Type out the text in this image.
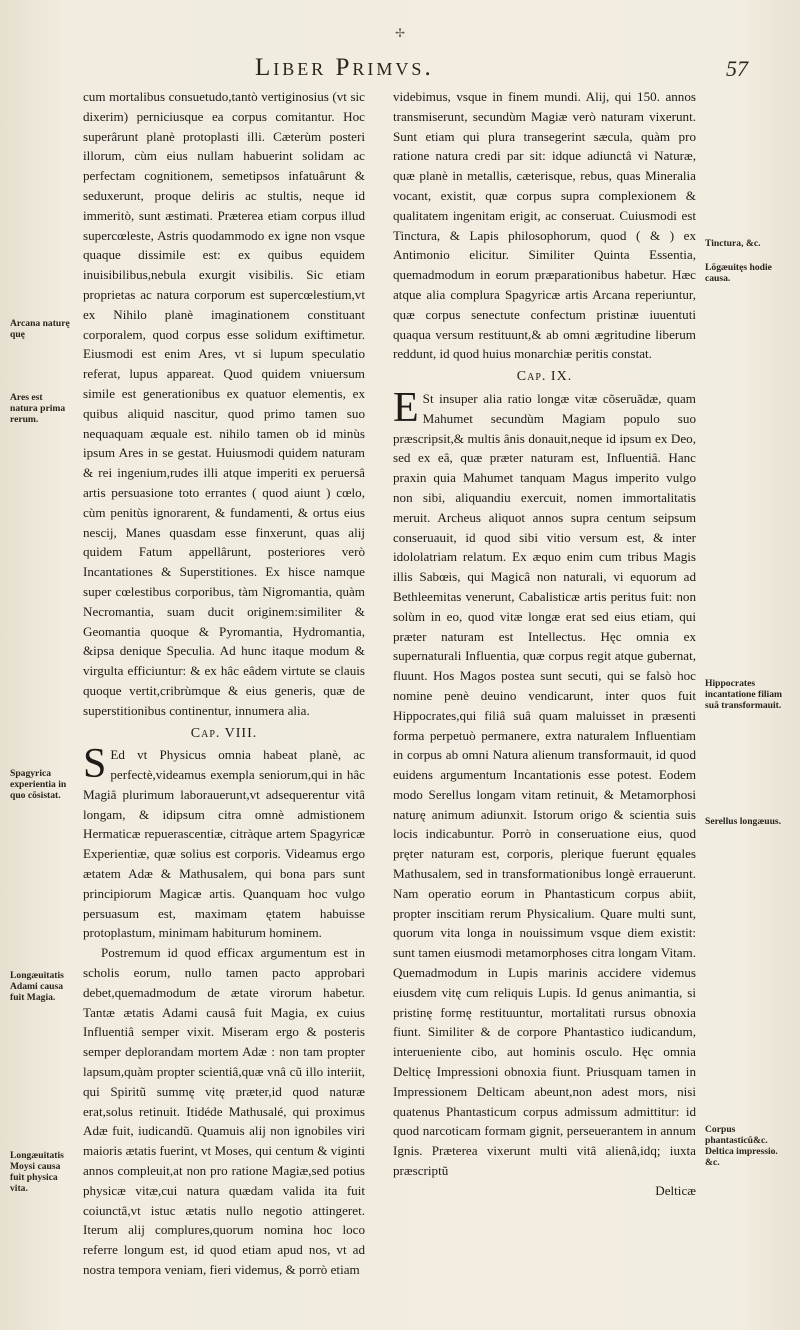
✢
Liber Primvs.	57
Arcana naturę quę
Ares est natura prima rerum.
Spagyrica experientia in quo cõsistat.
Longæuitatis Adami causa fuit Magia.
Longæuitatis Moysi causa fuit physica vita.
Tinctura, &c.
Lõgæuitęs hodie causa.
Hippocrates incantatione filiam suã transformauit.
Serellus longæuus.
Corpus phantasticũ&c. Deltica impressio. &c.

cum mortalibus consuetudo,tantò vertiginosius (vt sic dixerim) perniciusque ea corpus comitantur. Hoc superârunt planè protoplasti illi. Cæterùm posteri illorum, cùm eius nullam habuerint solidam ac perfectam cognitionem, semetipsos infatuârunt & seduxerunt, proque deliris ac stultis, neque id immeritò, sunt æstimati. Præterea etiam corpus illud supercœleste, Astris quodammodo ex igne non vsque quaque dissimile est: ex quibus equidem inuisibilibus,nebula exurgit visibilis. Sic etiam proprietas ac natura corporum est supercœlestium,vt ex Nihilo planè imaginationem constituant corporalem, quod corpus esse solidum exiftimetur. Eiusmodi est enim Ares, vt si lupum speculatio referat, lupus appareat. Quod quidem vniuersum simile est generationibus ex quatuor elementis, ex quibus aliquid nascitur, quod primo tamen suo nequaquam æquale est. nihilo tamen ob id minùs ipsum Ares in se gestat. Huiusmodi quidem naturam & rei ingenium,rudes illi atque imperiti ex peruersâ artis persuasione toto errantes ( quod aiunt ) cœlo, cùm penitùs ignorarent, & fundamenti, & ortus eius nescij, Manes quasdam esse finxerunt, quas alij quidem Fatum appellârunt, posteriores verò Incantationes & Superstitiones. Ex hisce namque super cœlestibus corporibus, tàm Nigromantia, quàm Necromantia, suam ducit originem:similiter & Geomantia quoque & Pyromantia, Hydromantia, &ipsa denique Speculia. Ad hunc itaque modum & virgulta efficiuntur: & ex hâc eâdem virtute se clauis quoque vertit,cribrùmque & eius generis, quæ de superstitionibus continentur, innumera alia.

Cap. VIII.

S Ed vt Physicus omnia habeat planè, ac perfectè,videamus exempla seniorum,qui in hâc Magiâ plurimum laborauerunt,vt adsequerentur vitâ longam, & idipsum citra omnè admistionem Hermaticæ repuerascentiæ, citràque artem Spagyricæ Experientiæ, quæ solius est corporis. Videamus ergo ætatem Adæ & Mathusalem, qui bona pars sunt principiorum Magicæ artis. Quanquam hoc vulgo persuasum est, maximam ętatem habuisse protoplastum, minimam habiturum hominem.

Postremum id quod efficax argumentum est in scholis eorum, nullo tamen pacto approbari debet,quemadmodum de ætate virorum habetur. Tantæ ætatis Adami causâ fuit Magia, ex cuius Influentiâ semper vixit. Miseram ergo & posteris semper deplorandam mortem Adæ : non tam propter lapsum,quàm propter scientiâ,quæ vnâ cũ illo interiit, qui Spiritũ summę vitę præter,id quod naturæ erat,solus retinuit. Itidéde Mathusalé, qui proximus Adæ fuit, iudicandũ. Quamuis alij non ignobiles viri maioris ætatis fuerint, vt Moses, qui centum & viginti annos compleuit,at non pro ratione Magiæ,sed potius physicæ vitæ,cui natura quædam valida ita fuit coiunctâ,vt istuc ætatis nullo negotio attingeret. Iterum alij complures,quorum nomina hoc loco referre longum est, id quod etiam apud nos, vt ad nostra tempora veniam, fieri videmus, & porrò etiam

videbimus, vsque in finem mundi. Alij, qui 150. annos transmiserunt, secundùm Magiæ verò naturam vixerunt. Sunt etiam qui plura transegerint sæcula, quàm pro ratione natura credi par sit: idque adiunctâ vi Naturæ, quæ planè in metallis, cæterisque, rebus, quas Mineralia vocant, existit, quæ corpus supra complexionem & qualitatem ingenitam erigit, ac conseruat. Cuiusmodi est Tinctura, & Lapis philosophorum, quod ( & ) ex Antimonio elicitur. Similiter Quinta Essentia, quemadmodum in eorum præparationibus habetur. Hæc atque alia complura Spagyricæ artis Arcana reperiuntur, quæ corpus senectute confectum pristinæ iuuentuti quaqua versum restituunt,& ab omni ægritudine liberum reddunt, id quod huius monarchiæ peritis constat.

Cap. IX.

E St insuper alia ratio longæ vitæ cõseruãdæ, quam Mahumet secundùm Magiam populo suo præscripsit,& multis ânis donauit,neque id ipsum ex Deo, sed ex eâ, quæ præter naturam est, Influentiâ. Hanc praxin quia Mahumet tanquam Magus imperito vulgo non sibi, aliquandiu exercuit, nomen immortalitatis meruit. Archeus aliquot annos supra centum seipsum conseruauit, id quod sibi vitio versum est, & inter idololatriam relatum. Ex æquo enim cum tribus Magis illis Sabœis, qui Magicâ non naturali, vi equorum ad Bethleemitas venerunt, Cabalisticæ artis peritus fuit: non solùm in eo, quod vitæ longæ erat sed eius etiam, qui præter naturam est Intellectus. Hęc omnia ex supernaturali Influentia, quæ corpus regit atque gubernat, fluunt. Hos Magos postea sunt secuti, qui se falsò hoc nomine penè deuino vendicarunt, inter quos fuit Hippocrates,qui filiâ suâ quam maluisset in præsenti forma perpetuò permanere, extra naturalem Influentiam in corpus ab omni Natura alienum transformauit, id quod euidens argumentum Incantationis esse potest. Eodem modo Serellus longam vitam retinuit, & Metamorphosi naturę animum adiunxit. Istorum origo & scientia suis locis indicabuntur. Porrò in conseruatione eius, quod pręter naturam est, corporis, plerique fuerunt ęquales Mathusalem, sed in transformationibus longè errauerunt. Nam operatio eorum in Phantasticum corpus abiit, propter inscitiam rerum Physicalium. Quare multi sunt, quorum vita longa in nouissimum vsque diem existit: sunt tamen eiusmodi metamorphoses citra longam Vitam. Quemadmodum in Lupis marinis accidere videmus eiusdem vitę cum reliquis Lupis. Id genus animantia, si pristinę formę restituuntur, mortalitati rursus obnoxia fiunt. Similiter & de corpore Phantastico iudicandum, interueniente cibo, aut hominis osculo. Hęc omnia Delticę Impressioni obnoxia fiunt. Priusquam tamen in Impressionem Delticam abeunt,non adest mors, nisi quatenus Phantasticum corpus admissum admittitur: id quod narcoticam formam gignit, perseuerantem in annum Ignis. Præterea vixerunt multi vitâ alienâ,idq; iuxta præscriptũ

Delticæ
